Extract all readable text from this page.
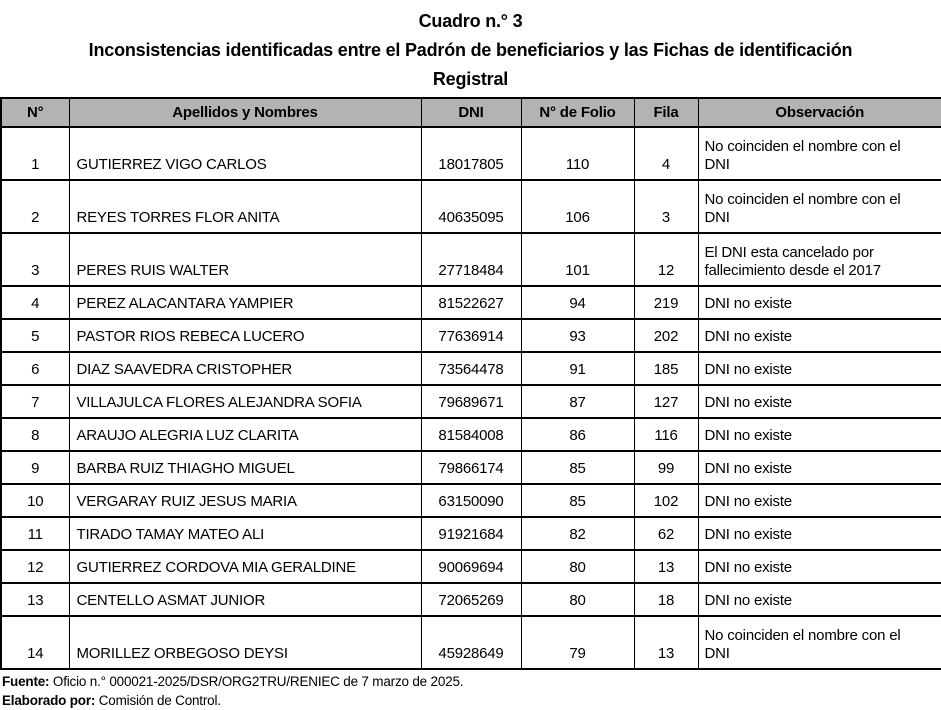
Cuadro n.° 3
Inconsistencias identificadas entre el Padrón de beneficiarios y las Fichas de identificación
Registral
N°	Apellidos y Nombres	DNI	N° de Folio	Fila	Observación
1	GUTIERREZ VIGO CARLOS	18017805	110	4	No coinciden el nombre con el DNI

2	REYES TORRES FLOR ANITA	40635095	106	3	No coinciden el nombre con el DNI

3	PERES RUIS WALTER	27718484	101	12	El DNI esta cancelado por fallecimiento desde el 2017

4	PEREZ ALACANTARA YAMPIER	81522627	94	219	DNI no existe

5	PASTOR RIOS REBECA LUCERO	77636914	93	202	DNI no existe

6	DIAZ SAAVEDRA CRISTOPHER	73564478	91	185	DNI no existe

7	VILLAJULCA FLORES ALEJANDRA SOFIA	79689671	87	127	DNI no existe

8	ARAUJO ALEGRIA LUZ CLARITA	81584008	86	116	DNI no existe

9	BARBA RUIZ THIAGHO MIGUEL	79866174	85	99	DNI no existe

10	VERGARAY RUIZ JESUS MARIA	63150090	85	102	DNI no existe

11	TIRADO TAMAY MATEO ALI	91921684	82	62	DNI no existe

12	GUTIERREZ CORDOVA MIA GERALDINE	90069694	80	13	DNI no existe

13	CENTELLO ASMAT JUNIOR	72065269	80	18	DNI no existe

14	MORILLEZ ORBEGOSO DEYSI	45928649	79	13	No coinciden el nombre con el DNI
Fuente: Oficio n.° 000021-2025/DSR/ORG2TRU/RENIEC de 7 marzo de 2025.
Elaborado por: Comisión de Control.
